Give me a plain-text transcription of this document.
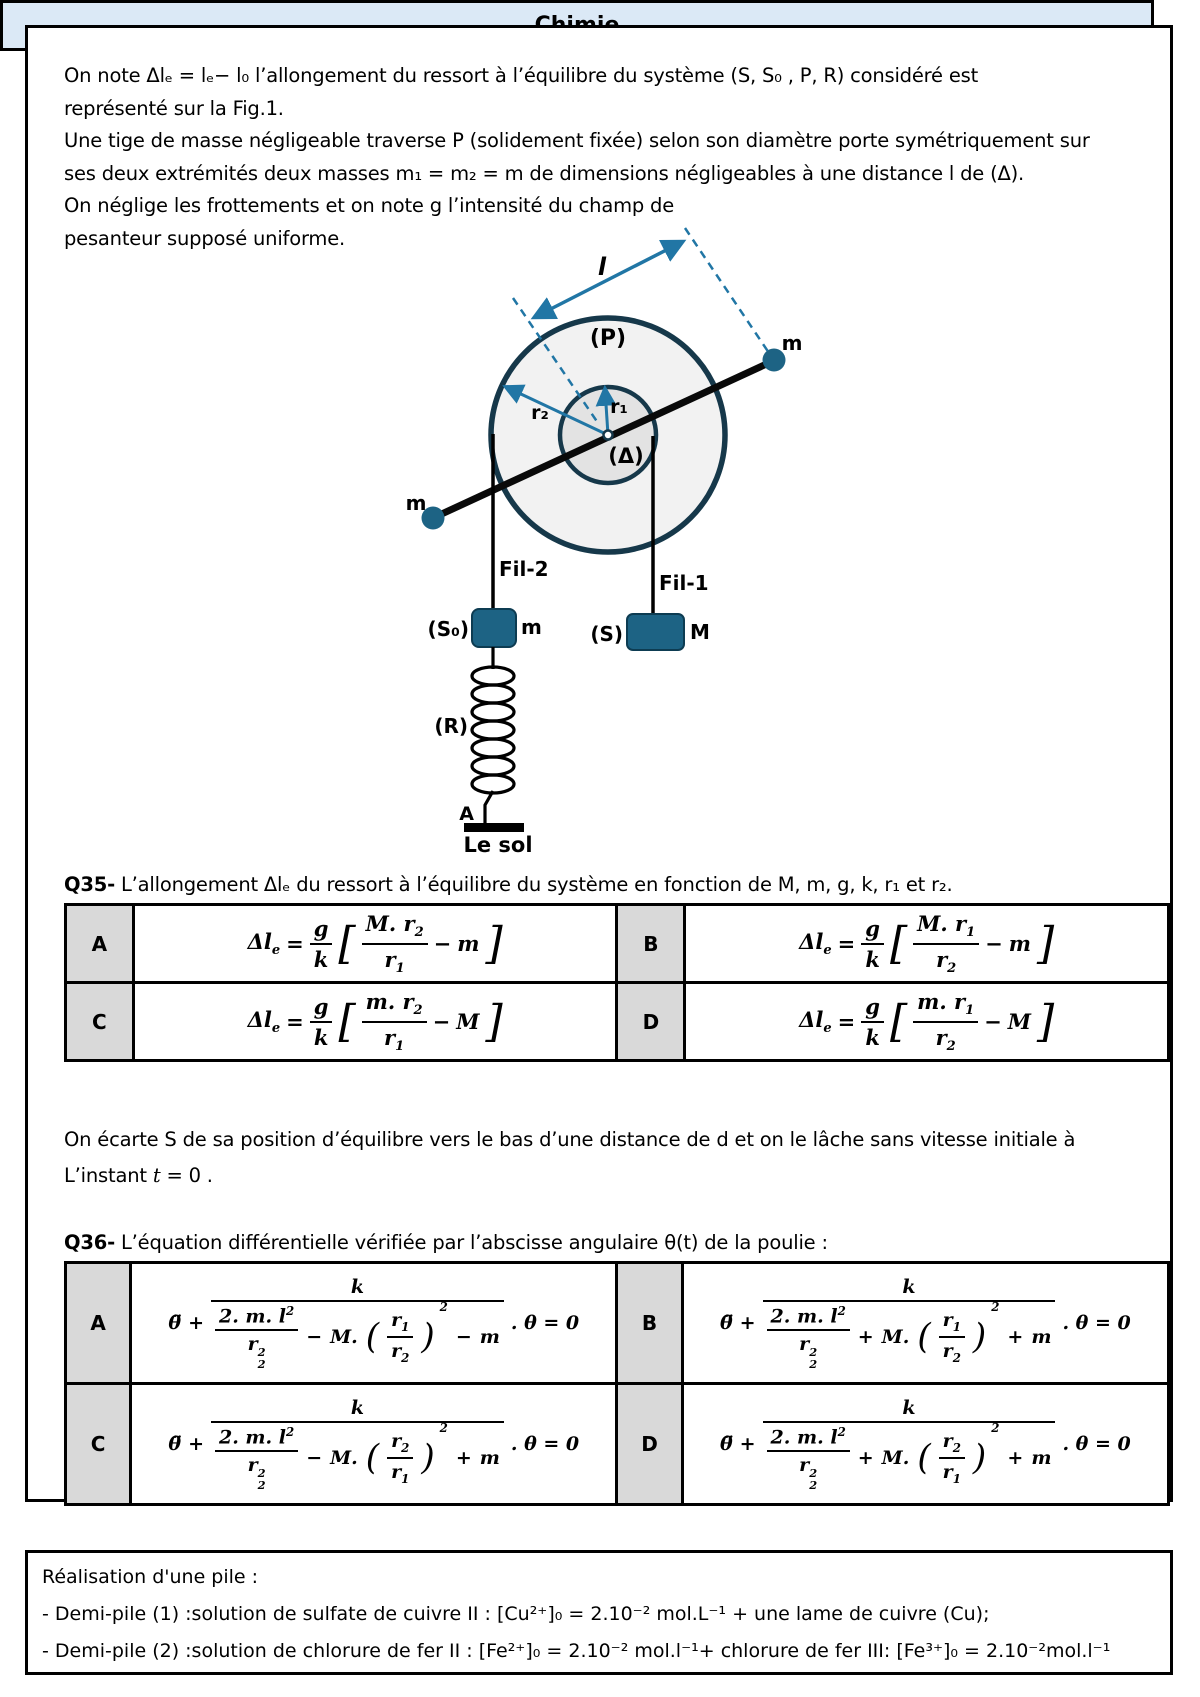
On note Δlₑ = lₑ− l₀ l’allongement du ressort à l’équilibre du système (S, S₀ , P, R) considéré est
représenté sur la Fig.1.
Une tige de masse négligeable traverse P (solidement fixée) selon son diamètre porte symétriquement sur
ses deux extrémités deux masses m₁ = m₂ = m de dimensions négligeables à une distance l de (Δ).
On néglige les frottements et on note g l’intensité du champ de
pesanteur supposé uniforme.
l
(P)
r₂	r₁
(Δ)
m
m
Fil-2
Fil-1
(S₀)	m (S)	M
(R)
A
Le sol

Q35- L’allongement Δlₑ du ressort à l’équilibre du système en fonction de M, m, g, k, r₁ et r₂.

A	$\Delta l_e = \frac{g}{k}$ [ $\frac{M. r_2}{r_1} - m$ ]	B	$\Delta l_e = \frac{g}{k}$ [ $\frac{M. r_1}{r_2} - m$ ]

C	$\Delta l_e = \frac{g}{k}$ [ $\frac{m. r_2}{r_1} - M$ ]	D	$\Delta l_e = \frac{g}{k}$ [ $\frac{m. r_1}{r_2} - M$ ]

On écarte S de sa position d’équilibre vers le bas d’une distance de d et on le lâche sans vitesse initiale à

L’instant t = 0 .

Q36- L’équation différentielle vérifiée par l’abscisse angulaire θ(t) de la poulie :

A	θ̈ + k
2. m. $l^2$
r 2
2 − M. ( $\frac{r_1}{r_2}$ )
2
− m . θ = 0	B	θ̈ + k
2. m. $l^2$
r 2
2 + M. ( $\frac{r_1}{r_2}$ )
2
+ m . θ = 0

C	θ̈ + k
2. m. $l^2$
r 2
2 − M. ( $\frac{r_2}{r_1}$ )
2
+ m . θ = 0	D	θ̈ + k
2. m. $l^2$
r 2
2 + M. ( $\frac{r_2}{r_1}$ )
2
+ m . θ = 0
Réalisation d'une pile :
- Demi-pile (1) :solution de sulfate de cuivre II : [Cu²⁺]₀ = 2.10⁻² mol.L⁻¹ + une lame de cuivre (Cu);
- Demi-pile (2) :solution de chlorure de fer II : [Fe²⁺]₀ = 2.10⁻² mol.l⁻¹+ chlorure de fer III: [Fe³⁺]₀ = 2.10⁻²mol.l⁻¹
